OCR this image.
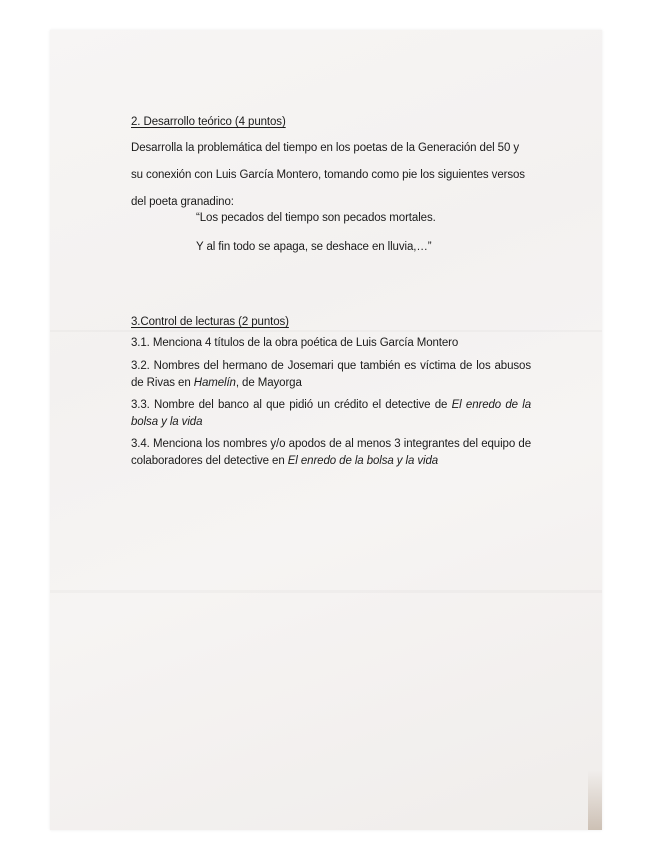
2. Desarrollo teórico (4 puntos)
Desarrolla la problemática del tiempo en los poetas de la Generación del 50 y su conexión con Luis García Montero, tomando como pie los siguientes versos del poeta granadino:
“Los pecados del tiempo son pecados mortales.
Y al fin todo se apaga, se deshace en lluvia,…”
3.Control de lecturas (2 puntos)
3.1. Menciona 4 títulos de la obra poética de Luis García Montero
3.2. Nombres del hermano de Josemari que también es víctima de los abusos de Rivas en Hamelín, de Mayorga
3.3. Nombre del banco al que pidió un crédito el detective de El enredo de la bolsa y la vida
3.4. Menciona los nombres y/o apodos de al menos 3 integrantes del equipo de colaboradores del detective en El enredo de la bolsa y la vida
